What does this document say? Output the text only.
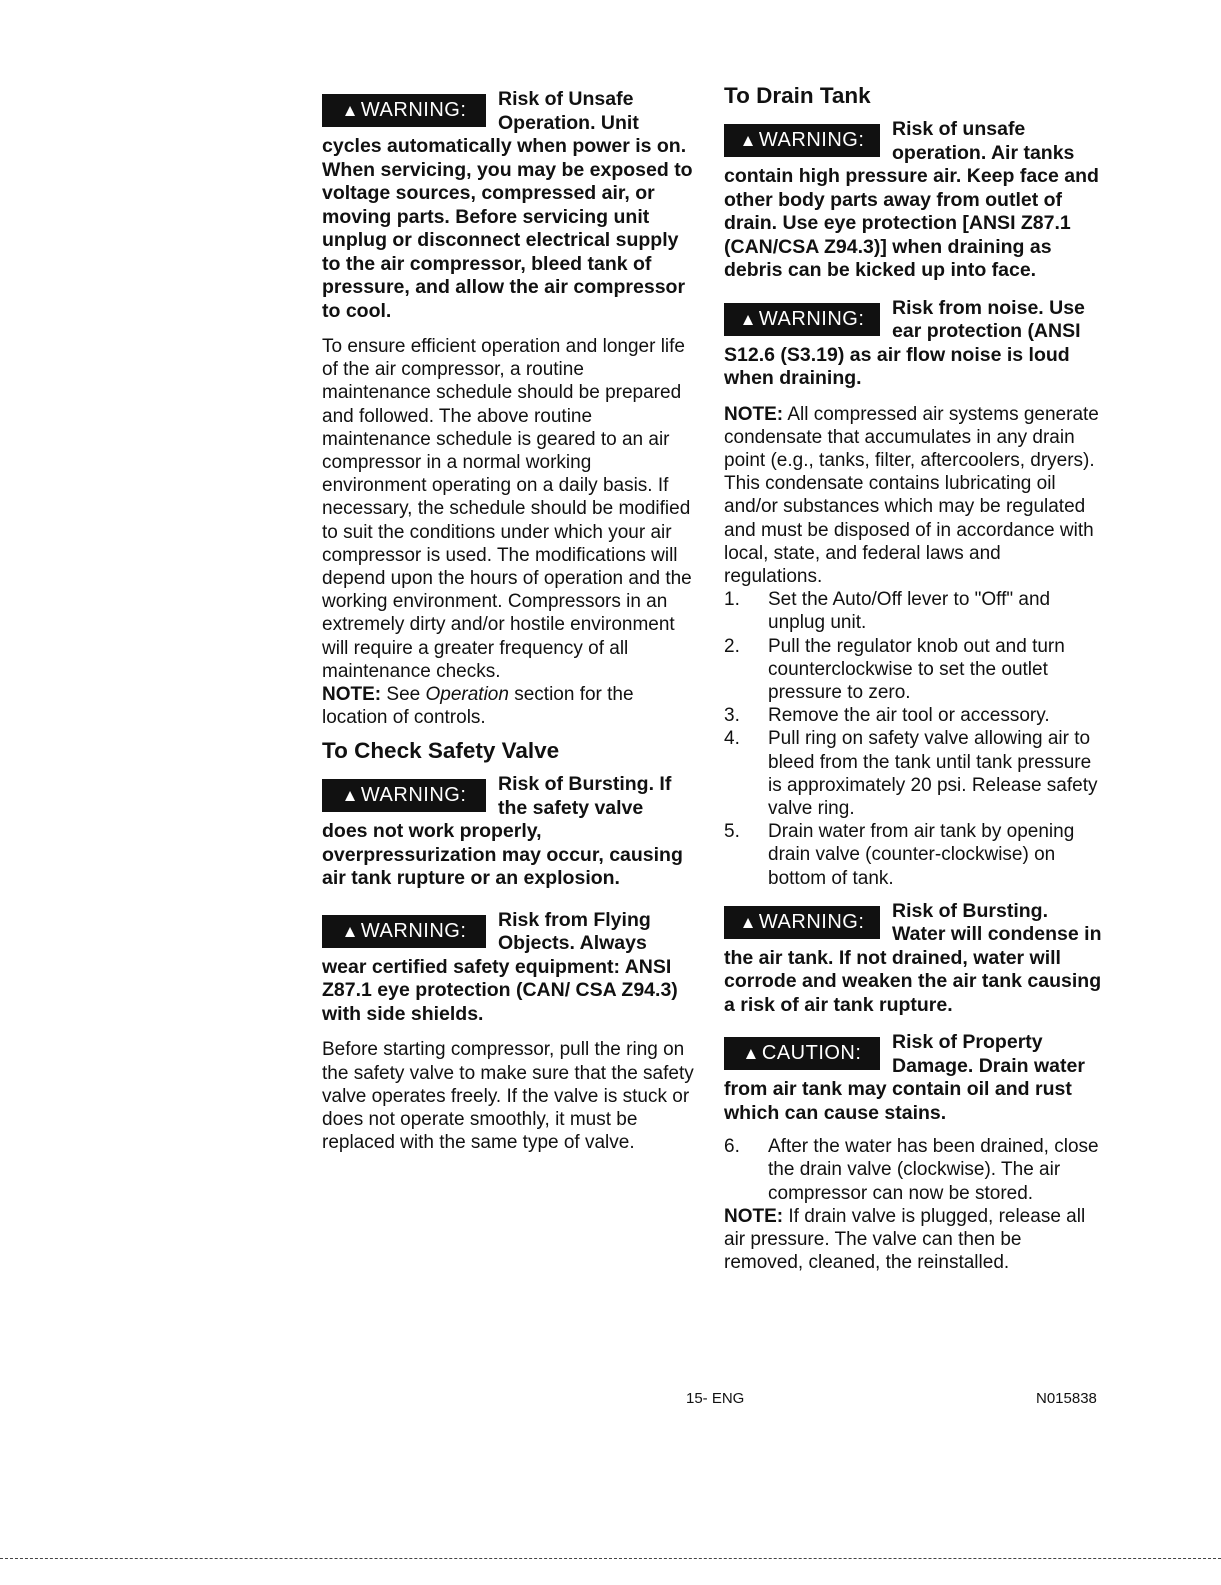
▲ WARNING:	Risk of Unsafe Operation. Unit cycles automatically when power is on. When servicing, you may be exposed to voltage sources, compressed air, or moving parts. Before servicing unit unplug or disconnect electrical supply to the air compressor, bleed tank of pressure, and allow the air compressor to cool.

To ensure efficient operation and longer life of the air compressor, a routine maintenance schedule should be prepared and followed. The above routine maintenance schedule is geared to an air compressor in a normal working environment operating on a daily basis. If necessary, the schedule should be modified to suit the conditions under which your air compressor is used. The modifications will depend upon the hours of operation and the working environment. Compressors in an extremely dirty and/or hostile environment will require a greater frequency of all maintenance checks.

NOTE: See Operation section for the location of controls.

To Check Safety Valve
▲ WARNING:	Risk of Bursting. If the safety valve does not work properly, overpressurization may occur, causing air tank rupture or an explosion.
▲ WARNING:	Risk from Flying Objects. Always wear certified safety equipment: ANSI Z87.1 eye protection (CAN/ CSA Z94.3) with side shields.

Before starting compressor, pull the ring on the safety valve to make sure that the safety valve operates freely. If the valve is stuck or does not operate smoothly, it must be replaced with the same type of valve.

To Drain Tank
▲ WARNING:	Risk of unsafe operation. Air tanks contain high pressure air. Keep face and other body parts away from outlet of drain. Use eye protection [ANSI Z87.1 (CAN/CSA Z94.3)] when draining as debris can be kicked up into face.
▲ WARNING:	Risk from noise. Use ear protection (ANSI S12.6 (S3.19) as air flow noise is loud when draining.

NOTE: All compressed air systems generate condensate that accumulates in any drain point (e.g., tanks, filter, aftercoolers, dryers). This condensate contains lubricating oil and/or substances which may be regulated and must be disposed of in accordance with local, state, and federal laws and regulations.

1.	Set the Auto/Off lever to "Off" and unplug unit.
2.	Pull the regulator knob out and turn counterclockwise to set the outlet pressure to zero.
3.	Remove the air tool or accessory.
4.	Pull ring on safety valve allowing air to bleed from the tank until tank pressure is approximately 20 psi. Release safety valve ring.
5.	Drain water from air tank by opening drain valve (counter-clockwise) on bottom of tank.
▲ WARNING:	Risk of Bursting. Water will condense in the air tank. If not drained, water will corrode and weaken the air tank causing a risk of air tank rupture.
▲ CAUTION:	Risk of Property Damage. Drain water from air tank may contain oil and rust which can cause stains.
6.	After the water has been drained, close the drain valve (clockwise). The air compressor can now be stored.

NOTE: If drain valve is plugged, release all air pressure. The valve can then be removed, cleaned, the reinstalled.

15- ENG	N015838
